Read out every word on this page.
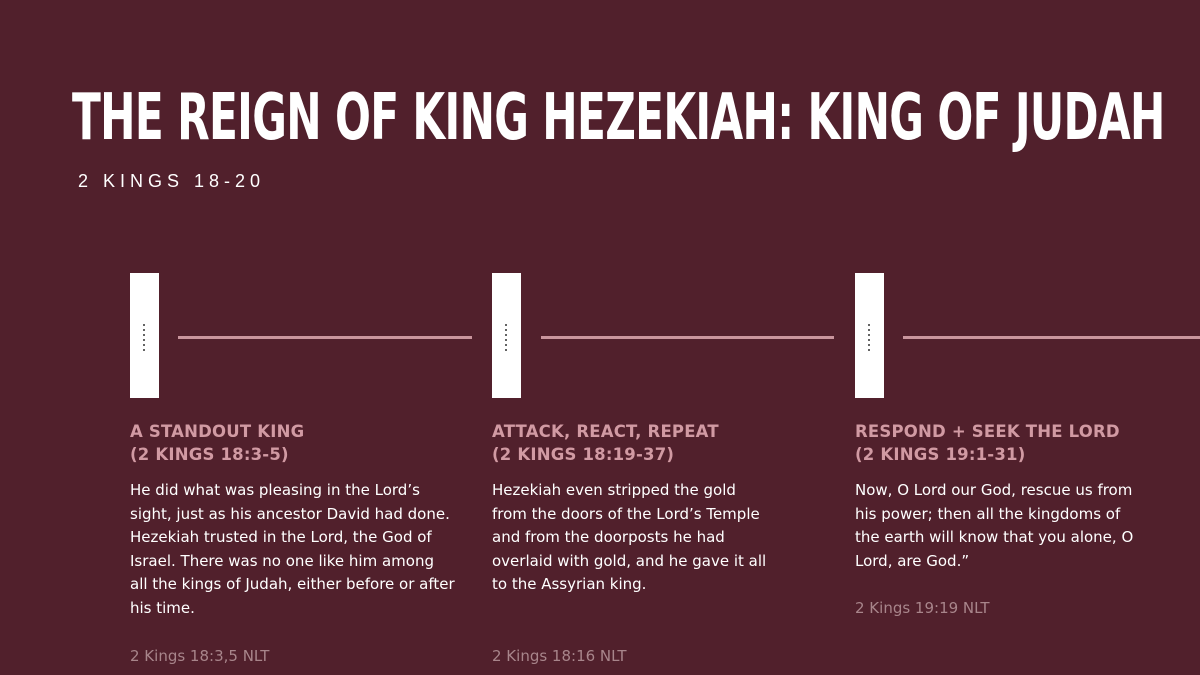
THE REIGN OF KING HEZEKIAH: KING OF JUDAH
2 KINGS 18-20
A STANDOUT KING
(2 KINGS 18:3-5)

He did what was pleasing in the Lord’s sight, just as his ancestor David had done. Hezekiah trusted in the Lord, the God of Israel. There was no one like him among all the kings of Judah, either before or after his time.

2 Kings 18:3,5 NLT
ATTACK, REACT, REPEAT
(2 KINGS 18:19-37)

Hezekiah even stripped the gold from the doors of the Lord’s Temple and from the doorposts he had overlaid with gold, and he gave it all to the Assyrian king.

2 Kings 18:16 NLT
RESPOND + SEEK THE LORD
(2 KINGS 19:1-31)

Now, O Lord our God, rescue us from his power; then all the kingdoms of the earth will know that you alone, O Lord, are God.”

2 Kings 19:19 NLT
